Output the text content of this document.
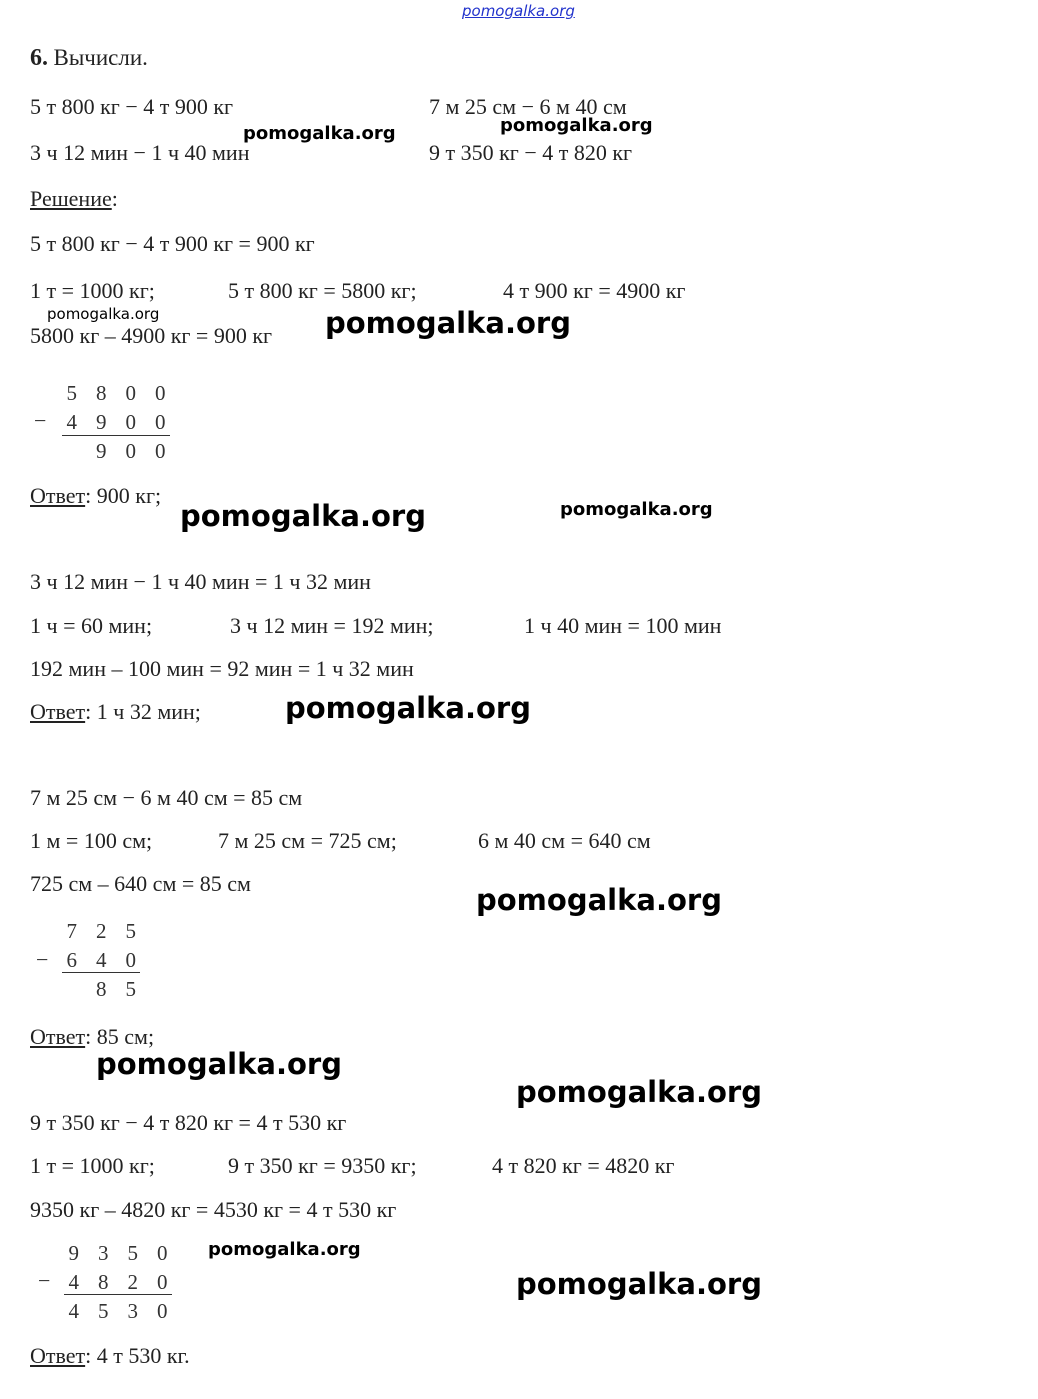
pomogalka.org
6. Вычисли.
5 т 800 кг − 4 т 900 кг	7 м 25 см − 6 м 40 см
3 ч 12 мин − 1 ч 40 мин	9 т 350 кг − 4 т 820 кг
Решение:
5 т 800 кг − 4 т 900 кг = 900 кг
1 т = 1000 кг;	5 т 800 кг = 5800 кг;	4 т 900 кг = 4900 кг
5800 кг – 4900 кг = 900 кг
5 8 0 0
− 4 9 0 0
9 0 0
Ответ: 900 кг;
3 ч 12 мин − 1 ч 40 мин = 1 ч 32 мин
1 ч = 60 мин;	3 ч 12 мин = 192 мин;	1 ч 40 мин = 100 мин
192 мин – 100 мин = 92 мин = 1 ч 32 мин
Ответ: 1 ч 32 мин;
7 м 25 см − 6 м 40 см = 85 см
1 м = 100 см;	7 м 25 см = 725 см;	6 м 40 см = 640 см
725 см – 640 см = 85 см
7 2 5
− 6 4 0
8 5
Ответ: 85 см;
9 т 350 кг − 4 т 820 кг = 4 т 530 кг
1 т = 1000 кг;	9 т 350 кг = 9350 кг;	4 т 820 кг = 4820 кг
9350 кг – 4820 кг = 4530 кг = 4 т 530 кг
9 3 5 0
− 4 8 2 0
4 5 3 0
Ответ: 4 т 530 кг.
pomogalka.org	pomogalka.org
pomogalka.org	pomogalka.org
pomogalka.org	pomogalka.org
pomogalka.org
pomogalka.org
pomogalka.org
pomogalka.org
pomogalka.org
pomogalka.org
